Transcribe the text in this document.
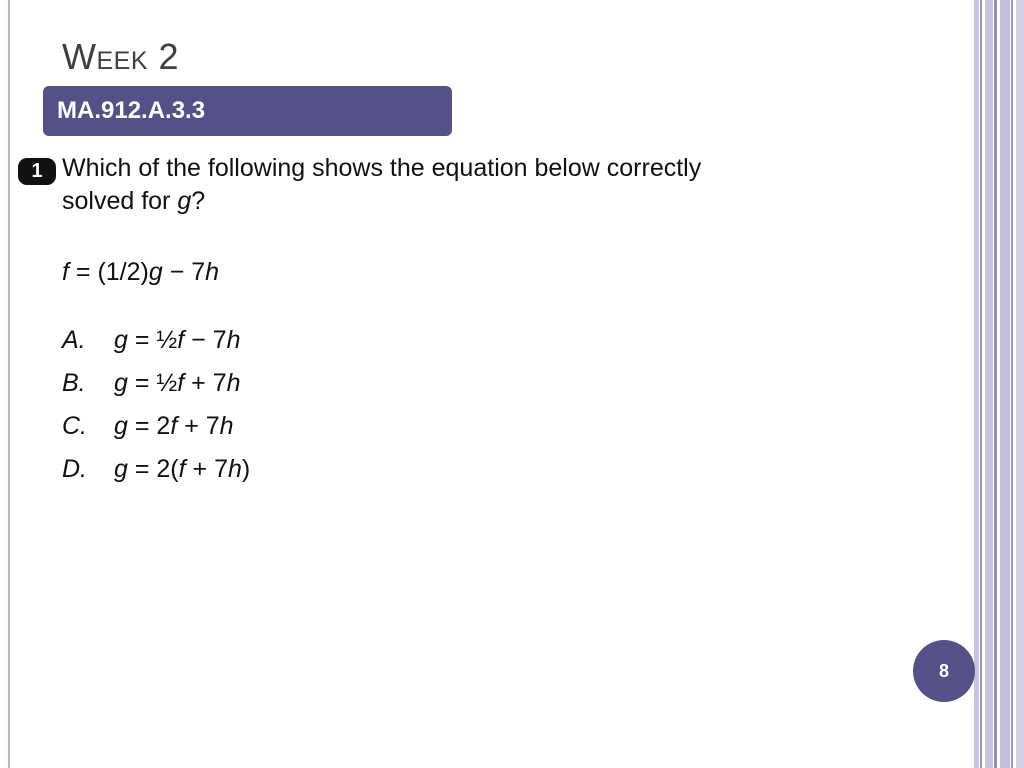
Week 2
MA.912.A.3.3
1 Which of the following shows the equation below correctly
solved for g?
f = (1/2)g − 7h
A. g = ½f − 7h
B. g = ½f + 7h
C. g = 2f + 7h
D. g = 2(f + 7h)
8
